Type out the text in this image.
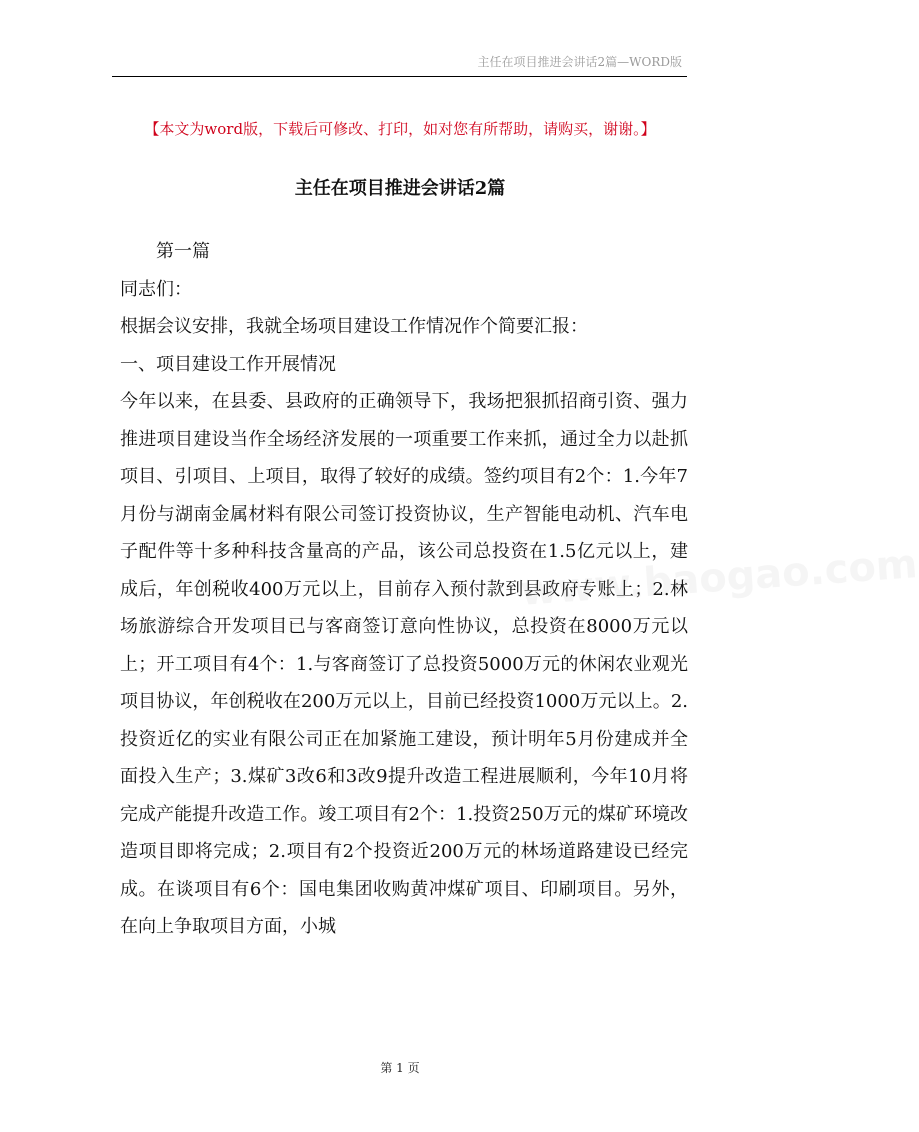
主任在项目推进会讲话2篇—WORD版
【本文为word版，下载后可修改、打印，如对您有所帮助，请购买，谢谢。】
主任在项目推进会讲话2篇

第一篇

同志们：

根据会议安排，我就全场项目建设工作情况作个简要汇报：

一、项目建设工作开展情况

今年以来，在县委、县政府的正确领导下，我场把狠抓招商引资、强力推进项目建设当作全场经济发展的一项重要工作来抓，通过全力以赴抓项目、引项目、上项目，取得了较好的成绩。签约项目有2个：1.今年7月份与湖南金属材料有限公司签订投资协议，生产智能电动机、汽车电子配件等十多种科技含量高的产品，该公司总投资在1.5亿元以上，建成后，年创税收400万元以上，目前存入预付款到县政府专账上；2.林场旅游综合开发项目已与客商签订意向性协议，总投资在8000万元以上；开工项目有4个：1.与客商签订了总投资5000万元的休闲农业观光项目协议，年创税收在200万元以上，目前已经投资1000万元以上。2.投资近亿的实业有限公司正在加紧施工建设，预计明年5月份建成并全面投入生产；3.煤矿3改6和3改9提升改造工程进展顺利，今年10月将完成产能提升改造工作。竣工项目有2个：1.投资250万元的煤矿环境改造项目即将完成；2.项目有2个投资近200万元的林场道路建设已经完成。在谈项目有6个：国电集团收购黄冲煤矿项目、印刷项目。另外，在向上争取项目方面，小城

www.baogao.com
第 1 页
